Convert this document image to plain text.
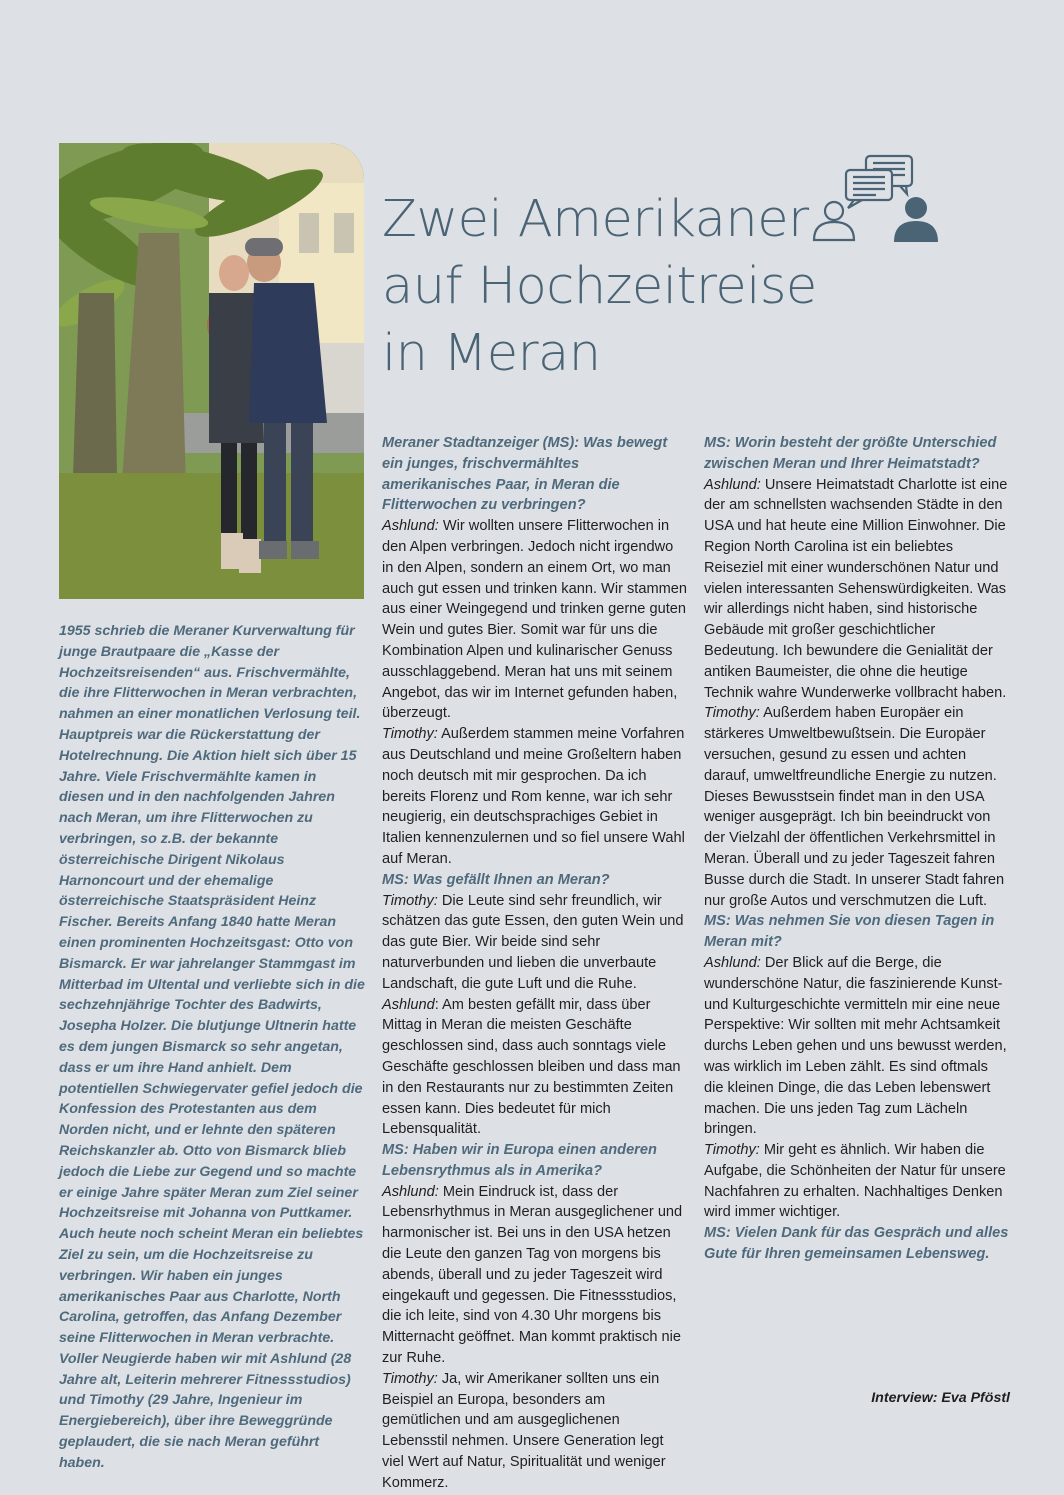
Zwei Amerikaner
auf Hochzeitreise
in Meran

1955 schrieb die Meraner Kurverwaltung für junge Brautpaare die „Kasse der Hochzeitsreisenden“ aus. Frischvermählte, die ihre Flitterwochen in Meran verbrachten, nahmen an einer monatlichen Verlosung teil. Hauptpreis war die Rückerstattung der Hotelrechnung. Die Aktion hielt sich über 15 Jahre. Viele Frischvermählte kamen in diesen und in den nachfolgenden Jahren nach Meran, um ihre Flitterwochen zu verbringen, so z.B. der bekannte österreichische Dirigent Nikolaus Harnoncourt und der ehemalige österreichische Staatspräsident Heinz Fischer. Bereits Anfang 1840 hatte Meran einen prominenten Hochzeitsgast: Otto von Bismarck. Er war jahrelanger Stammgast im Mitterbad im Ultental und verliebte sich in die sechzehnjährige Tochter des Badwirts, Josepha Holzer. Die blutjunge Ultnerin hatte es dem jungen Bismarck so sehr angetan, dass er um ihre Hand anhielt. Dem potentiellen Schwiegervater gefiel jedoch die Konfession des Protestanten aus dem Norden nicht, und er lehnte den späteren Reichskanzler ab. Otto von Bismarck blieb jedoch die Liebe zur Gegend und so machte er einige Jahre später Meran zum Ziel seiner Hochzeitsreise mit Johanna von Puttkamer.

Auch heute noch scheint Meran ein beliebtes Ziel zu sein, um die Hochzeitsreise zu verbringen. Wir haben ein junges amerikanisches Paar aus Charlotte, North Carolina, getroffen, das Anfang Dezember seine Flitterwochen in Meran verbrachte. Voller Neugierde haben wir mit Ashlund (28 Jahre alt, Leiterin mehrerer Fitnessstudios) und Timothy (29 Jahre, Ingenieur im Energiebereich), über ihre Beweggründe geplaudert, die sie nach Meran geführt haben.

Meraner Stadtanzeiger (MS): Was bewegt ein junges, frischvermähltes amerikanisches Paar, in Meran die Flitterwochen zu verbringen?

Ashlund: Wir wollten unsere Flitterwochen in den Alpen verbringen. Jedoch nicht irgendwo in den Alpen, sondern an einem Ort, wo man auch gut essen und trinken kann. Wir stammen aus einer Weingegend und trinken gerne guten Wein und gutes Bier. Somit war für uns die Kombination Alpen und kulinarischer Genuss ausschlaggebend. Meran hat uns mit seinem Angebot, das wir im Internet gefunden haben, überzeugt.

Timothy: Außerdem stammen meine Vorfahren aus Deutschland und meine Großeltern haben noch deutsch mit mir gesprochen. Da ich bereits Florenz und Rom kenne, war ich sehr neugierig, ein deutschsprachiges Gebiet in Italien kennenzulernen und so fiel unsere Wahl auf Meran.

MS: Was gefällt Ihnen an Meran?

Timothy: Die Leute sind sehr freundlich, wir schätzen das gute Essen, den guten Wein und das gute Bier. Wir beide sind sehr naturverbunden und lieben die unverbaute Landschaft, die gute Luft und die Ruhe.

Ashlund: Am besten gefällt mir, dass über Mittag in Meran die meisten Geschäfte geschlossen sind, dass auch sonntags viele Geschäfte geschlossen bleiben und dass man in den Restaurants nur zu bestimmten Zeiten essen kann. Dies bedeutet für mich Lebensqualität.

MS: Haben wir in Europa einen anderen Lebensrythmus als in Amerika?

Ashlund: Mein Eindruck ist, dass der Lebensrhythmus in Meran ausgeglichener und harmonischer ist. Bei uns in den USA hetzen die Leute den ganzen Tag von morgens bis abends, überall und zu jeder Tageszeit wird eingekauft und gegessen. Die Fitnessstudios, die ich leite, sind von 4.30 Uhr morgens bis Mitternacht geöffnet. Man kommt praktisch nie zur Ruhe.

Timothy: Ja, wir Amerikaner sollten uns ein Beispiel an Europa, besonders am gemütlichen und am ausgeglichenen Lebensstil nehmen. Unsere Generation legt viel Wert auf Natur, Spiritualität und weniger Kommerz.

MS: Worin besteht der größte Unterschied zwischen Meran und Ihrer Heimatstadt?

Ashlund: Unsere Heimatstadt Charlotte ist eine der am schnellsten wachsenden Städte in den USA und hat heute eine Million Einwohner. Die Region North Carolina ist ein beliebtes Reiseziel mit einer wunderschönen Natur und vielen interessanten Sehenswürdigkeiten. Was wir allerdings nicht haben, sind historische Gebäude mit großer geschichtlicher Bedeutung. Ich bewundere die Genialität der antiken Baumeister, die ohne die heutige Technik wahre Wunderwerke vollbracht haben.

Timothy: Außerdem haben Europäer ein stärkeres Umweltbewußtsein. Die Europäer versuchen, gesund zu essen und achten darauf, umweltfreundliche Energie zu nutzen. Dieses Bewusstsein findet man in den USA weniger ausgeprägt. Ich bin beeindruckt von der Vielzahl der öffentlichen Verkehrsmittel in Meran. Überall und zu jeder Tageszeit fahren Busse durch die Stadt. In unserer Stadt fahren nur große Autos und verschmutzen die Luft.

MS: Was nehmen Sie von diesen Tagen in Meran mit?

Ashlund: Der Blick auf die Berge, die wunderschöne Natur, die faszinierende Kunst- und Kulturgeschichte vermitteln mir eine neue Perspektive: Wir sollten mit mehr Achtsamkeit durchs Leben gehen und uns bewusst werden, was wirklich im Leben zählt. Es sind oftmals die kleinen Dinge, die das Leben lebenswert machen. Die uns jeden Tag zum Lächeln bringen.

Timothy: Mir geht es ähnlich. Wir haben die Aufgabe, die Schönheiten der Natur für unsere Nachfahren zu erhalten. Nachhaltiges Denken wird immer wichtiger.

MS: Vielen Dank für das Gespräch und alles Gute für Ihren gemeinsamen Lebensweg.

Interview: Eva Pföstl
